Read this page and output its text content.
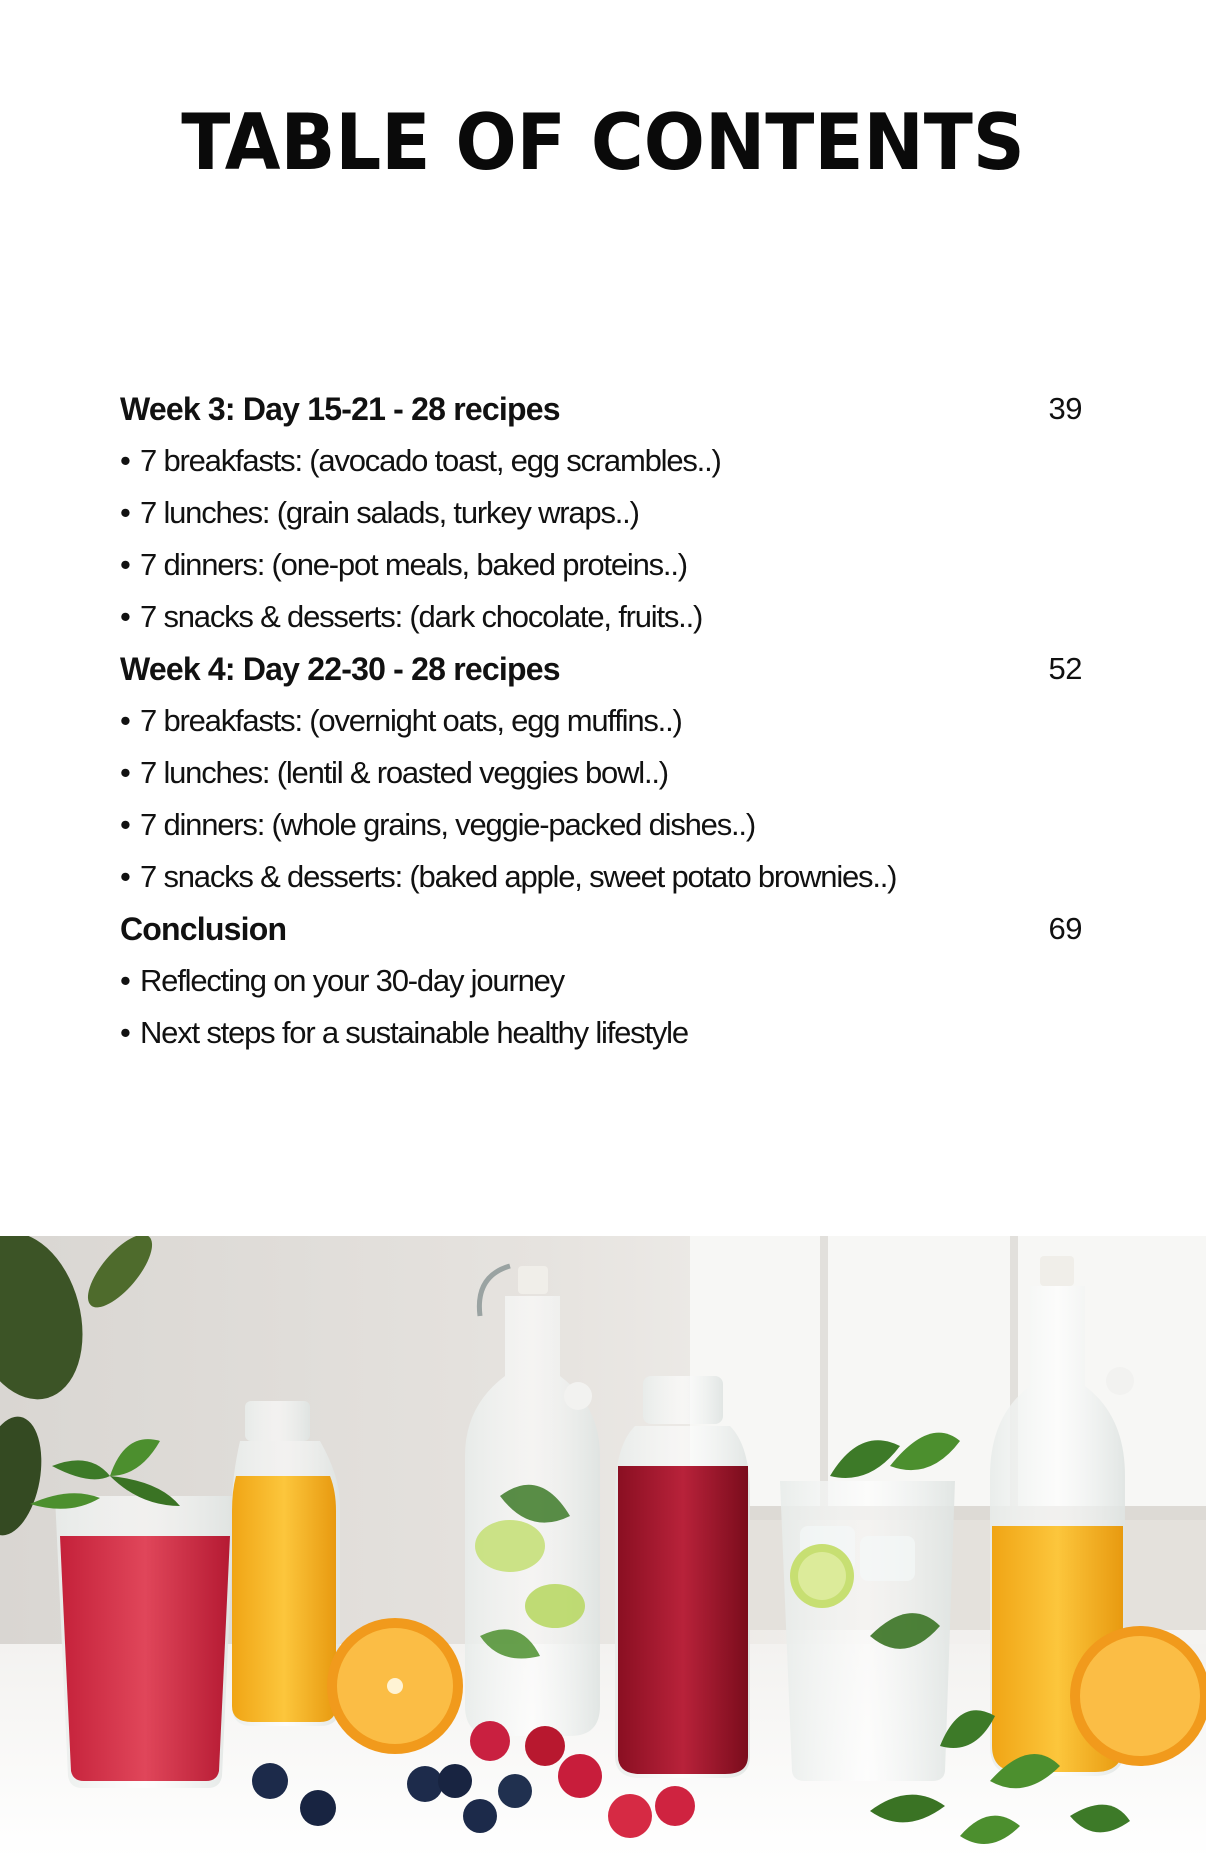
TABLE OF CONTENTS
Week 3: Day 15-21 - 28 recipes	39
• 7 breakfasts: (avocado toast, egg scrambles..)
• 7 lunches: (grain salads, turkey wraps..)
• 7 dinners: (one-pot meals, baked proteins..)
• 7 snacks & desserts: (dark chocolate, fruits..)
Week 4: Day 22-30 - 28 recipes	52
• 7 breakfasts: (overnight oats, egg muffins..)
• 7 lunches: (lentil & roasted veggies bowl..)
• 7 dinners: (whole grains, veggie-packed dishes..)
• 7 snacks & desserts: (baked apple, sweet potato brownies..)
Conclusion	69
• Reflecting on your 30-day journey
• Next steps for a sustainable healthy lifestyle
